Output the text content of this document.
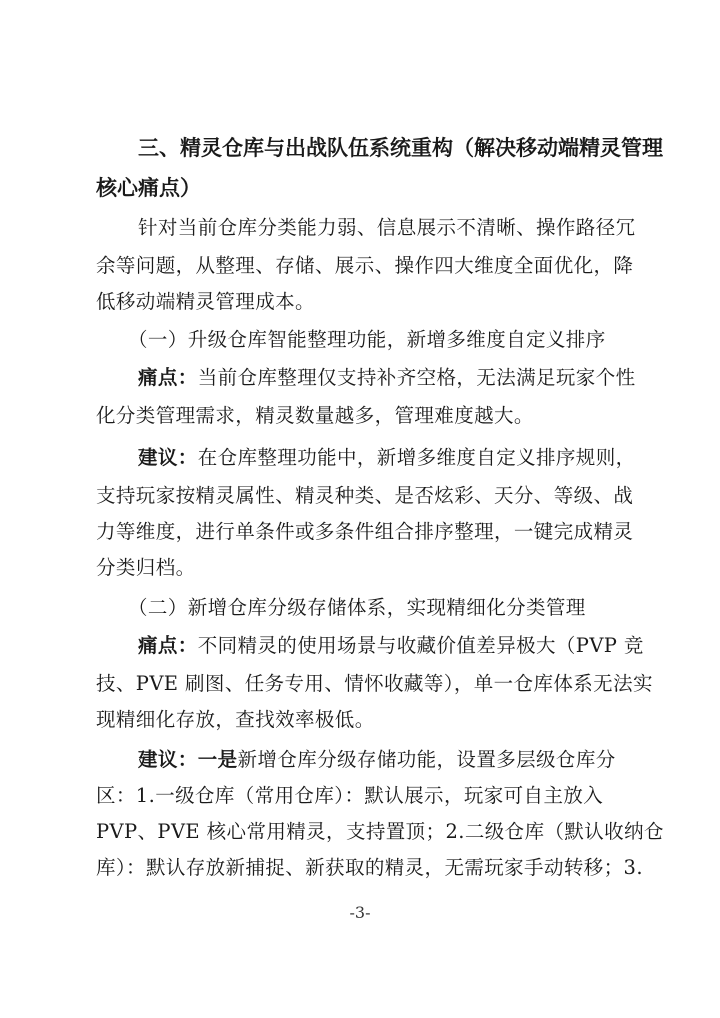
三、精灵仓库与出战队伍系统重构（解决移动端精灵管理
核心痛点）
针对当前仓库分类能力弱、信息展示不清晰、操作路径冗
余等问题，从整理、存储、展示、操作四大维度全面优化，降
低移动端精灵管理成本。
（一）升级仓库智能整理功能，新增多维度自定义排序
痛点：当前仓库整理仅支持补齐空格，无法满足玩家个性
化分类管理需求，精灵数量越多，管理难度越大。
建议：在仓库整理功能中，新增多维度自定义排序规则，
支持玩家按精灵属性、精灵种类、是否炫彩、天分、等级、战
力等维度，进行单条件或多条件组合排序整理，一键完成精灵
分类归档。
（二）新增仓库分级存储体系，实现精细化分类管理
痛点：不同精灵的使用场景与收藏价值差异极大（PVP 竞
技、PVE 刷图、任务专用、情怀收藏等），单一仓库体系无法实
现精细化存放，查找效率极低。
建议：一是新增仓库分级存储功能，设置多层级仓库分
区：1.一级仓库（常用仓库）：默认展示，玩家可自主放入
PVP、PVE 核心常用精灵，支持置顶；2.二级仓库（默认收纳仓
库）：默认存放新捕捉、新获取的精灵，无需玩家手动转移；3.
-3-
